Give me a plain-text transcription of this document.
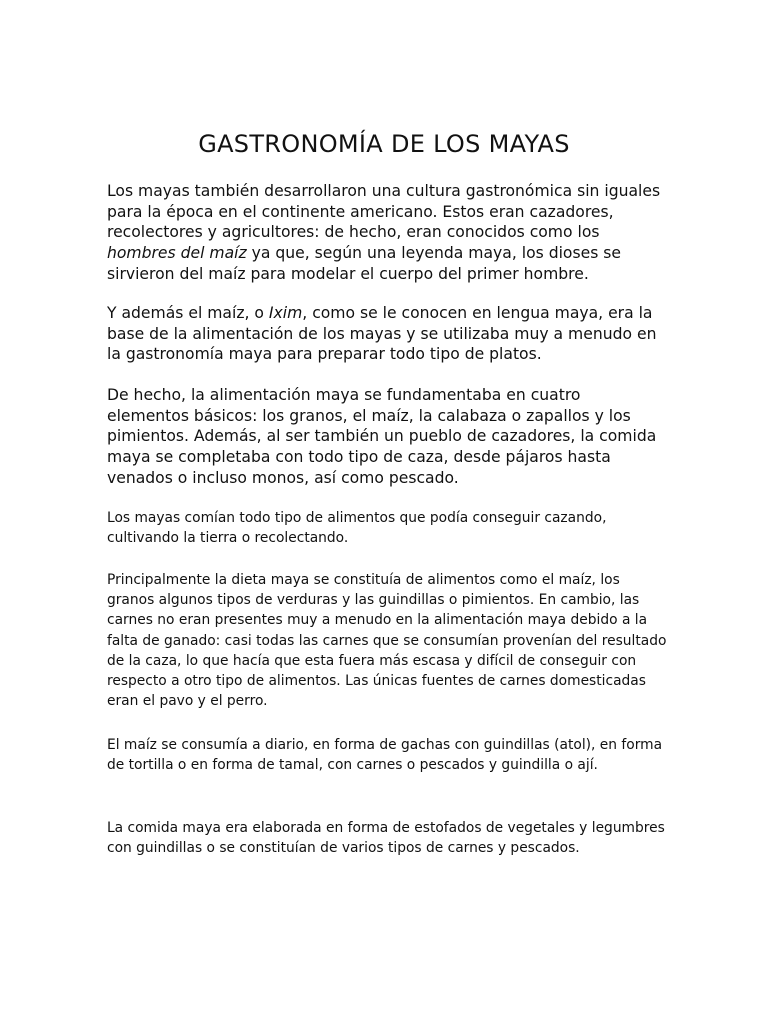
GASTRONOMÍA DE LOS MAYAS

Los mayas también desarrollaron una cultura gastronómica sin iguales para la época en el continente americano. Estos eran cazadores, recolectores y agricultores: de hecho, eran conocidos como los hombres del maíz ya que, según una leyenda maya, los dioses se sirvieron del maíz para modelar el cuerpo del primer hombre.

Y además el maíz, o Ixim, como se le conocen en lengua maya, era la base de la alimentación de los mayas y se utilizaba muy a menudo en la gastronomía maya para preparar todo tipo de platos.

De hecho, la alimentación maya se fundamentaba en cuatro elementos básicos: los granos, el maíz, la calabaza o zapallos y los pimientos. Además, al ser también un pueblo de cazadores, la comida maya se completaba con todo tipo de caza, desde pájaros hasta venados o incluso monos, así como pescado.

Los mayas comían todo tipo de alimentos que podía conseguir cazando, cultivando la tierra o recolectando.

Principalmente la dieta maya se constituía de alimentos como el maíz, los granos algunos tipos de verduras y las guindillas o pimientos. En cambio, las carnes no eran presentes muy a menudo en la alimentación maya debido a la falta de ganado: casi todas las carnes que se consumían provenían del resultado de la caza, lo que hacía que esta fuera más escasa y difícil de conseguir con respecto a otro tipo de alimentos. Las únicas fuentes de carnes domesticadas eran el pavo y el perro.

El maíz se consumía a diario, en forma de gachas con guindillas (atol), en forma de tortilla o en forma de tamal, con carnes o pescados y guindilla o ají.

La comida maya era elaborada en forma de estofados de vegetales y legumbres con guindillas o se constituían de varios tipos de carnes y pescados.
